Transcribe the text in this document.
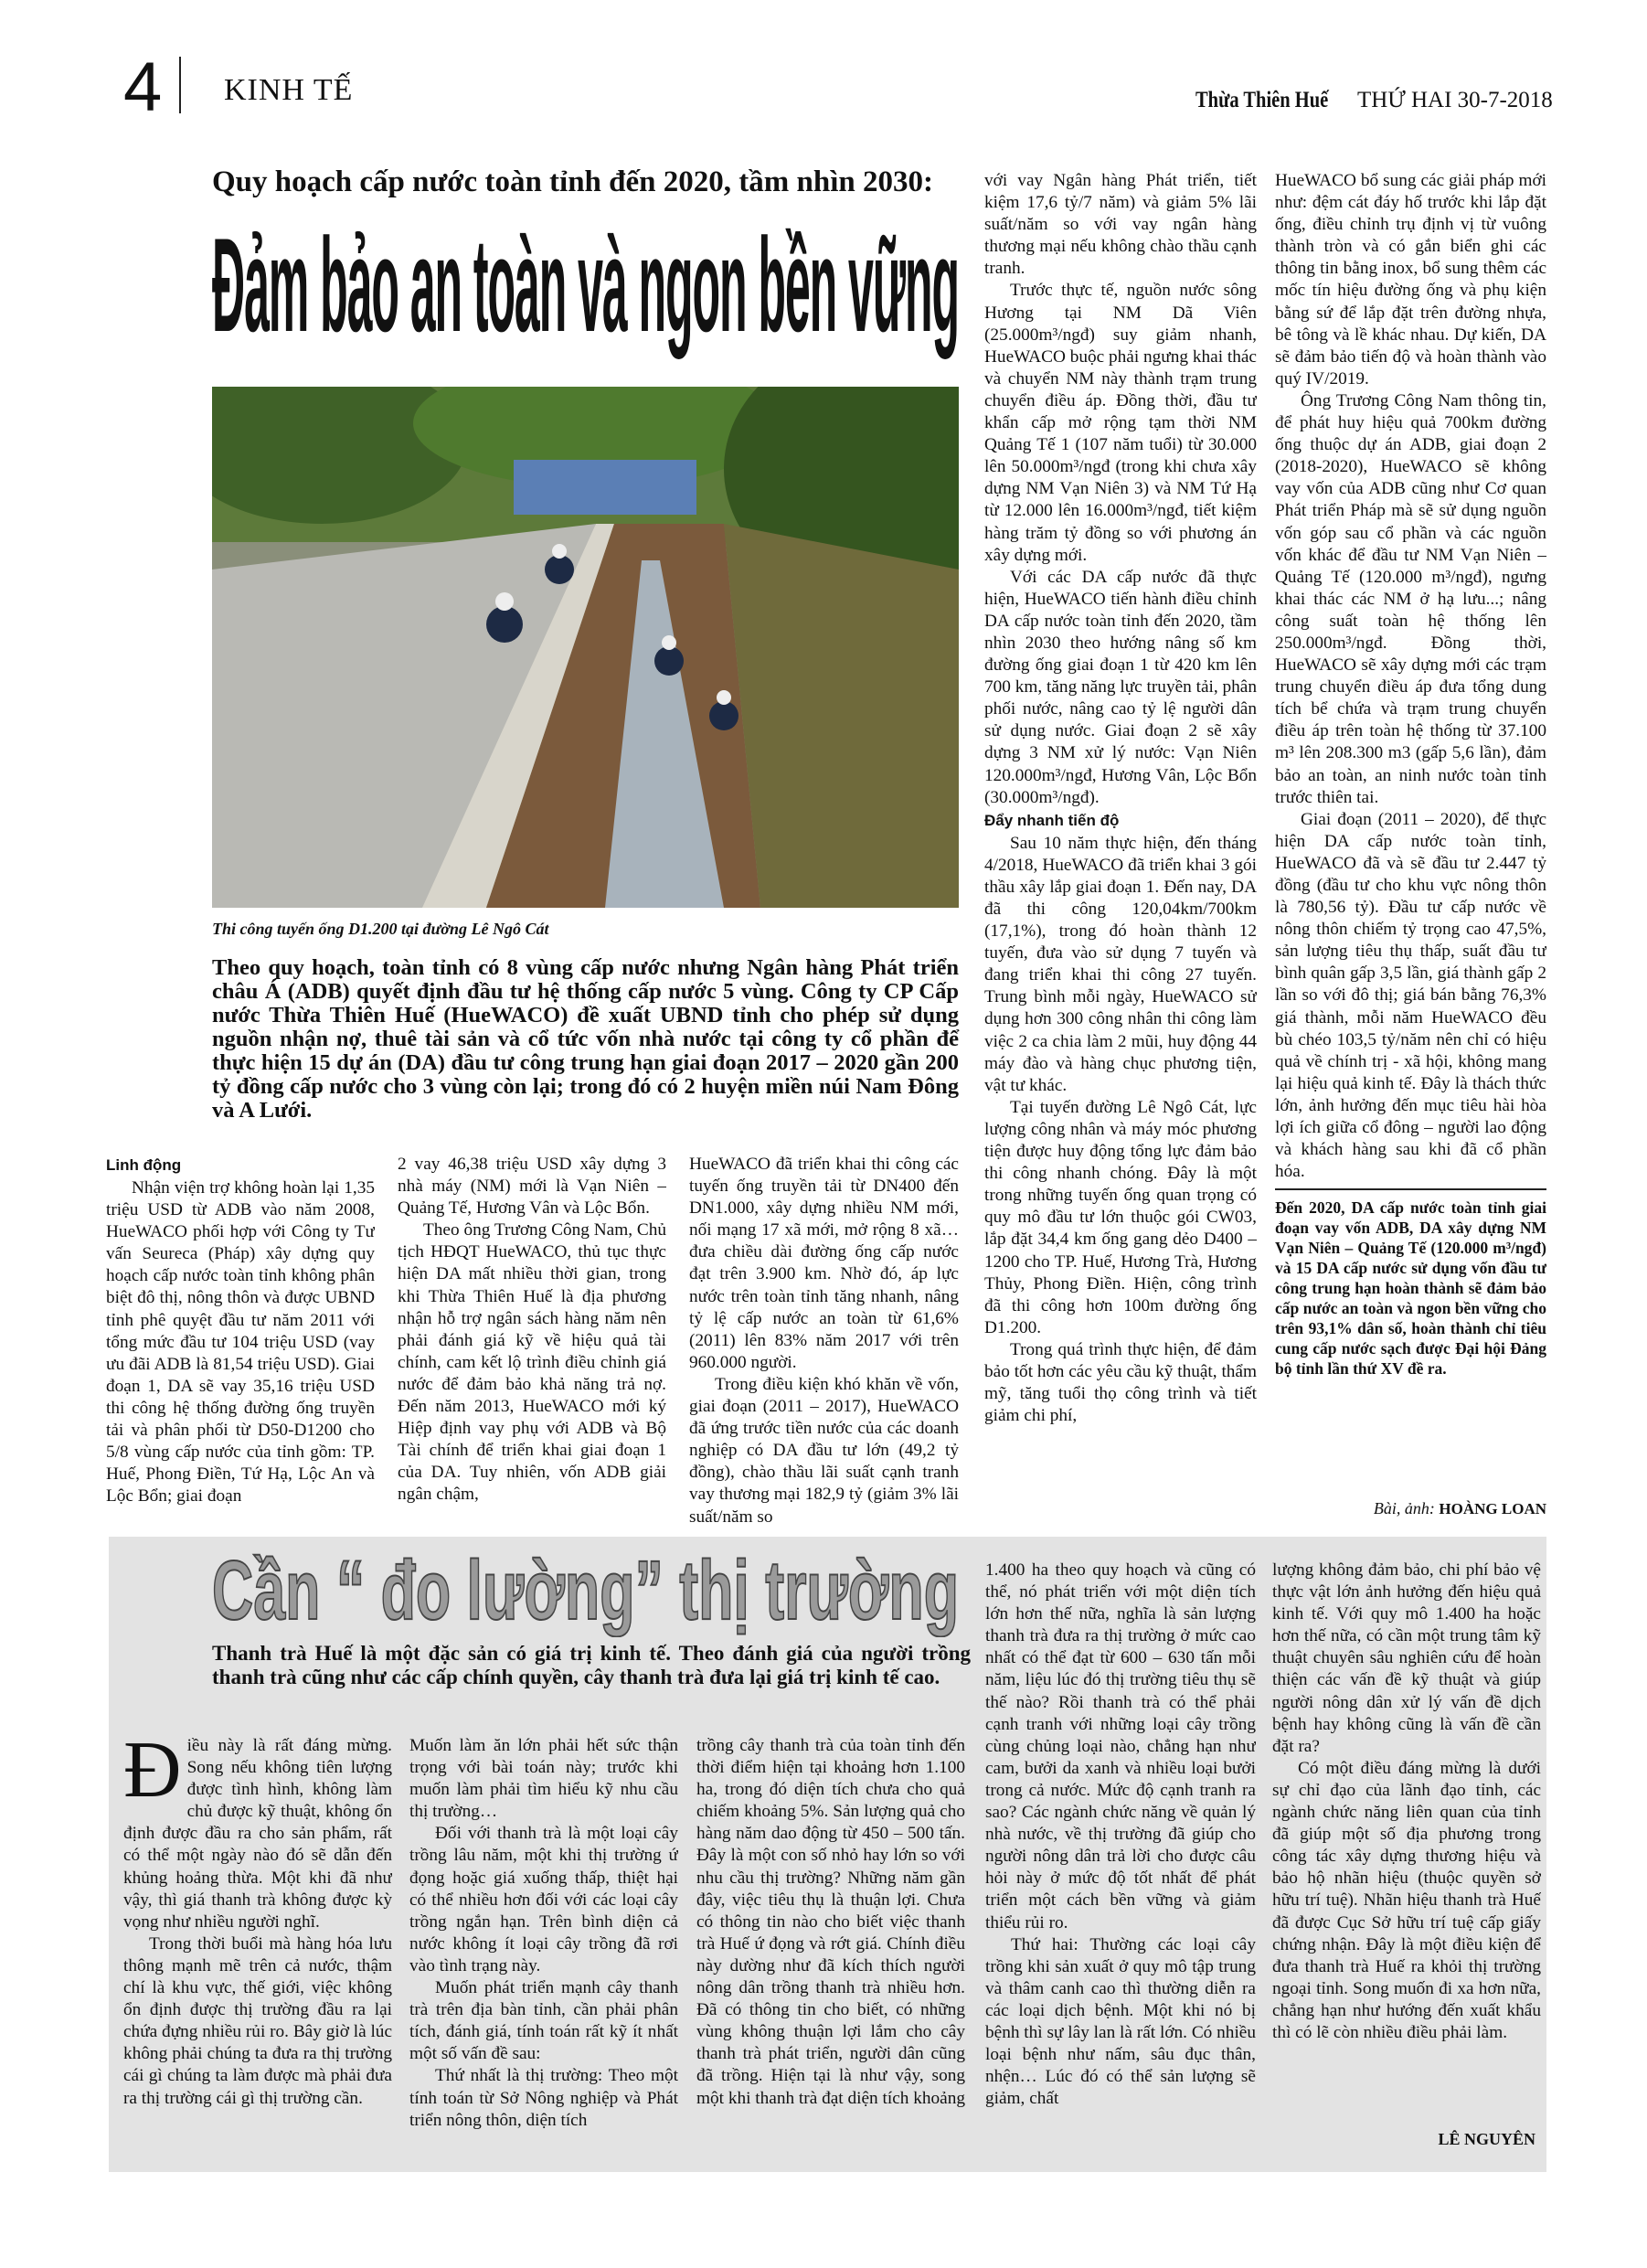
4 KINH TẾ	Thừa Thiên Huế THỨ HAI 30-7-2018
Quy hoạch cấp nước toàn tỉnh đến 2020, tầm nhìn 2030:
Đảm bảo an toàn và ngon bền vững
Thi công tuyến ống D1.200 tại đường Lê Ngô Cát
Theo quy hoạch, toàn tỉnh có 8 vùng cấp nước nhưng Ngân hàng Phát triển châu Á (ADB) quyết định đầu tư hệ thống cấp nước 5 vùng. Công ty CP Cấp nước Thừa Thiên Huế (HueWACO) đề xuất UBND tỉnh cho phép sử dụng nguồn nhận nợ, thuê tài sản và cổ tức vốn nhà nước tại công ty cổ phần để thực hiện 15 dự án (DA) đầu tư công trung hạn giai đoạn 2017 – 2020 gần 200 tỷ đồng cấp nước cho 3 vùng còn lại; trong đó có 2 huyện miền núi Nam Đông và A Lưới.
Linh động

Nhận viện trợ không hoàn lại 1,35 triệu USD từ ADB vào năm 2008, HueWACO phối hợp với Công ty Tư vấn Seureca (Pháp) xây dựng quy hoạch cấp nước toàn tỉnh không phân biệt đô thị, nông thôn và được UBND tỉnh phê quyệt đầu tư năm 2011 với tổng mức đầu tư 104 triệu USD (vay ưu đãi ADB là 81,54 triệu USD). Giai đoạn 1, DA sẽ vay 35,16 triệu USD thi công hệ thống đường ống truyền tải và phân phối từ D50-D1200 cho 5/8 vùng cấp nước của tỉnh gồm: TP. Huế, Phong Điền, Tứ Hạ, Lộc An và Lộc Bổn; giai đoạn

2 vay 46,38 triệu USD xây dựng 3 nhà máy (NM) mới là Vạn Niên – Quảng Tế, Hương Vân và Lộc Bổn.

Theo ông Trương Công Nam, Chủ tịch HĐQT HueWACO, thủ tục thực hiện DA mất nhiều thời gian, trong khi Thừa Thiên Huế là địa phương nhận hỗ trợ ngân sách hàng năm nên phải đánh giá kỹ về hiệu quả tài chính, cam kết lộ trình điều chỉnh giá nước để đảm bảo khả năng trả nợ. Đến năm 2013, HueWACO mới ký Hiệp định vay phụ với ADB và Bộ Tài chính để triển khai giai đoạn 1 của DA. Tuy nhiên, vốn ADB giải ngân chậm,

HueWACO đã triển khai thi công các tuyến ống truyền tải từ DN400 đến DN1.000, xây dựng nhiều NM mới, nối mạng 17 xã mới, mở rộng 8 xã… đưa chiều dài đường ống cấp nước đạt trên 3.900 km. Nhờ đó, áp lực nước trên toàn tỉnh tăng nhanh, nâng tỷ lệ cấp nước an toàn từ 61,6% (2011) lên 83% năm 2017 với trên 960.000 người.

Trong điều kiện khó khăn về vốn, giai đoạn (2011 – 2017), HueWACO đã ứng trước tiền nước của các doanh nghiệp có DA đầu tư lớn (49,2 tỷ đồng), chào thầu lãi suất cạnh tranh vay thương mại 182,9 tỷ (giảm 3% lãi suất/năm so

với vay Ngân hàng Phát triển, tiết kiệm 17,6 tỷ/7 năm) và giảm 5% lãi suất/năm so với vay ngân hàng thương mại nếu không chào thầu cạnh tranh.

Trước thực tế, nguồn nước sông Hương tại NM Dã Viên (25.000m³/ngđ) suy giảm nhanh, HueWACO buộc phải ngưng khai thác và chuyển NM này thành trạm trung chuyển điều áp. Đồng thời, đầu tư khẩn cấp mở rộng tạm thời NM Quảng Tế 1 (107 năm tuổi) từ 30.000 lên 50.000m³/ngđ (trong khi chưa xây dựng NM Vạn Niên 3) và NM Tứ Hạ từ 12.000 lên 16.000m³/ngđ, tiết kiệm hàng trăm tỷ đồng so với phương án xây dựng mới.

Với các DA cấp nước đã thực hiện, HueWACO tiến hành điều chỉnh DA cấp nước toàn tỉnh đến 2020, tầm nhìn 2030 theo hướng nâng số km đường ống giai đoạn 1 từ 420 km lên 700 km, tăng năng lực truyền tải, phân phối nước, nâng cao tỷ lệ người dân sử dụng nước. Giai đoạn 2 sẽ xây dựng 3 NM xử lý nước: Vạn Niên 120.000m³/ngđ, Hương Vân, Lộc Bổn (30.000m³/ngđ).

Đẩy nhanh tiến độ

Sau 10 năm thực hiện, đến tháng 4/2018, HueWACO đã triển khai 3 gói thầu xây lắp giai đoạn 1. Đến nay, DA đã thi công 120,04km/700km (17,1%), trong đó hoàn thành 12 tuyến, đưa vào sử dụng 7 tuyến và đang triển khai thi công 27 tuyến. Trung bình mỗi ngày, HueWACO sử dụng hơn 300 công nhân thi công làm việc 2 ca chia làm 2 mũi, huy động 44 máy đào và hàng chục phương tiện, vật tư khác.

Tại tuyến đường Lê Ngô Cát, lực lượng công nhân và máy móc phương tiện được huy động tổng lực đảm bảo thi công nhanh chóng. Đây là một trong những tuyến ống quan trọng có quy mô đầu tư lớn thuộc gói CW03, lắp đặt 34,4 km ống gang dẻo D400 – 1200 cho TP. Huế, Hương Trà, Hương Thủy, Phong Điền. Hiện, công trình đã thi công hơn 100m đường ống D1.200.

Trong quá trình thực hiện, để đảm bảo tốt hơn các yêu cầu kỹ thuật, thẩm mỹ, tăng tuổi thọ công trình và tiết giảm chi phí,

HueWACO bổ sung các giải pháp mới như: đệm cát đáy hố trước khi lắp đặt ống, điều chỉnh trụ định vị từ vuông thành tròn và có gắn biển ghi các thông tin bằng inox, bổ sung thêm các mốc tín hiệu đường ống và phụ kiện bằng sứ để lắp đặt trên đường nhựa, bê tông và lề khác nhau. Dự kiến, DA sẽ đảm bảo tiến độ và hoàn thành vào quý IV/2019.

Ông Trương Công Nam thông tin, để phát huy hiệu quả 700km đường ống thuộc dự án ADB, giai đoạn 2 (2018-2020), HueWACO sẽ không vay vốn của ADB cũng như Cơ quan Phát triển Pháp mà sẽ sử dụng nguồn vốn góp sau cổ phần và các nguồn vốn khác để đầu tư NM Vạn Niên – Quảng Tế (120.000 m³/ngđ), ngưng khai thác các NM ở hạ lưu...; nâng công suất toàn hệ thống lên 250.000m³/ngđ. Đồng thời, HueWACO sẽ xây dựng mới các trạm trung chuyển điều áp đưa tổng dung tích bể chứa và trạm trung chuyển điều áp trên toàn hệ thống từ 37.100 m³ lên 208.300 m3 (gấp 5,6 lần), đảm bảo an toàn, an ninh nước toàn tỉnh trước thiên tai.

Giai đoạn (2011 – 2020), để thực hiện DA cấp nước toàn tỉnh, HueWACO đã và sẽ đầu tư 2.447 tỷ đồng (đầu tư cho khu vực nông thôn là 780,56 tỷ). Đầu tư cấp nước về nông thôn chiếm tỷ trọng cao 47,5%, sản lượng tiêu thụ thấp, suất đầu tư bình quân gấp 3,5 lần, giá thành gấp 2 lần so với đô thị; giá bán bằng 76,3% giá thành, mỗi năm HueWACO đều bù chéo 103,5 tỷ/năm nên chỉ có hiệu quả về chính trị - xã hội, không mang lại hiệu quả kinh tế. Đây là thách thức lớn, ảnh hưởng đến mục tiêu hài hòa lợi ích giữa cổ đông – người lao động và khách hàng sau khi đã cổ phần hóa.

Đến 2020, DA cấp nước toàn tỉnh giai đoạn vay vốn ADB, DA xây dựng NM Vạn Niên – Quảng Tế (120.000 m³/ngđ) và 15 DA cấp nước sử dụng vốn đầu tư công trung hạn hoàn thành sẽ đảm bảo cấp nước an toàn và ngon bền vững cho trên 93,1% dân số, hoàn thành chỉ tiêu cung cấp nước sạch được Đại hội Đảng bộ tỉnh lần thứ XV đề ra.
Bài, ảnh: HOÀNG LOAN
Cần “ đo lường” thị trường
Thanh trà Huế là một đặc sản có giá trị kinh tế. Theo đánh giá của người trồng thanh trà cũng như các cấp chính quyền, cây thanh trà đưa lại giá trị kinh tế cao.

Điều này là rất đáng mừng. Song nếu không tiên lượng được tình hình, không làm chủ được kỹ thuật, không ổn định được đầu ra cho sản phẩm, rất có thể một ngày nào đó sẽ dẫn đến khủng hoảng thừa. Một khi đã như vậy, thì giá thanh trà không được kỳ vọng như nhiều người nghĩ.

Trong thời buổi mà hàng hóa lưu thông mạnh mẽ trên cả nước, thậm chí là khu vực, thế giới, việc không ổn định được thị trường đầu ra lại chứa đựng nhiều rủi ro. Bây giờ là lúc không phải chúng ta đưa ra thị trường cái gì chúng ta làm được mà phải đưa ra thị trường cái gì thị trường cần.

Muốn làm ăn lớn phải hết sức thận trọng với bài toán này; trước khi muốn làm phải tìm hiểu kỹ nhu cầu thị trường…

Đối với thanh trà là một loại cây trồng lâu năm, một khi thị trường ứ đọng hoặc giá xuống thấp, thiệt hại có thể nhiều hơn đối với các loại cây trồng ngắn hạn. Trên bình diện cả nước không ít loại cây trồng đã rơi vào tình trạng này.

Muốn phát triển mạnh cây thanh trà trên địa bàn tỉnh, cần phải phân tích, đánh giá, tính toán rất kỹ ít nhất một số vấn đề sau:

Thứ nhất là thị trường: Theo một tính toán từ Sở Nông nghiệp và Phát triển nông thôn, diện tích

trồng cây thanh trà của toàn tỉnh đến thời điểm hiện tại khoảng hơn 1.100 ha, trong đó diện tích chưa cho quả chiếm khoảng 5%. Sản lượng quả cho hàng năm dao động từ 450 – 500 tấn. Đây là một con số nhỏ hay lớn so với nhu cầu thị trường? Những năm gần đây, việc tiêu thụ là thuận lợi. Chưa có thông tin nào cho biết việc thanh trà Huế ứ đọng và rớt giá. Chính điều này dường như đã kích thích người nông dân trồng thanh trà nhiều hơn. Đã có thông tin cho biết, có những vùng không thuận lợi lắm cho cây thanh trà phát triển, người dân cũng đã trồng. Hiện tại là như vậy, song một khi thanh trà đạt diện tích khoảng

1.400 ha theo quy hoạch và cũng có thể, nó phát triển với một diện tích lớn hơn thế nữa, nghĩa là sản lượng thanh trà đưa ra thị trường ở mức cao nhất có thể đạt từ 600 – 630 tấn mỗi năm, liệu lúc đó thị trường tiêu thụ sẽ thế nào? Rồi thanh trà có thể phải cạnh tranh với những loại cây trồng cùng chủng loại nào, chẳng hạn như cam, bưởi da xanh và nhiều loại bưởi trong cả nước. Mức độ cạnh tranh ra sao? Các ngành chức năng về quản lý nhà nước, về thị trường đã giúp cho người nông dân trả lời cho được câu hỏi này ở mức độ tốt nhất để phát triển một cách bền vững và giảm thiểu rủi ro.

Thứ hai: Thường các loại cây trồng khi sản xuất ở quy mô tập trung và thâm canh cao thì thường diễn ra các loại dịch bệnh. Một khi nó bị bệnh thì sự lây lan là rất lớn. Có nhiều loại bệnh như nấm, sâu đục thân, nhện… Lúc đó có thể sản lượng sẽ giảm, chất

lượng không đảm bảo, chi phí bảo vệ thực vật lớn ảnh hưởng đến hiệu quả kinh tế. Với quy mô 1.400 ha hoặc hơn thế nữa, có cần một trung tâm kỹ thuật chuyên sâu nghiên cứu để hoàn thiện các vấn đề kỹ thuật và giúp người nông dân xử lý vấn đề dịch bệnh hay không cũng là vấn đề cần đặt ra?

Có một điều đáng mừng là dưới sự chỉ đạo của lãnh đạo tỉnh, các ngành chức năng liên quan của tỉnh đã giúp một số địa phương trong công tác xây dựng thương hiệu và bảo hộ nhãn hiệu (thuộc quyền sở hữu trí tuệ). Nhãn hiệu thanh trà Huế đã được Cục Sở hữu trí tuệ cấp giấy chứng nhận. Đây là một điều kiện để đưa thanh trà Huế ra khỏi thị trường ngoại tỉnh. Song muốn đi xa hơn nữa, chẳng hạn như hướng đến xuất khẩu thì có lẽ còn nhiều điều phải làm.

LÊ NGUYÊN
